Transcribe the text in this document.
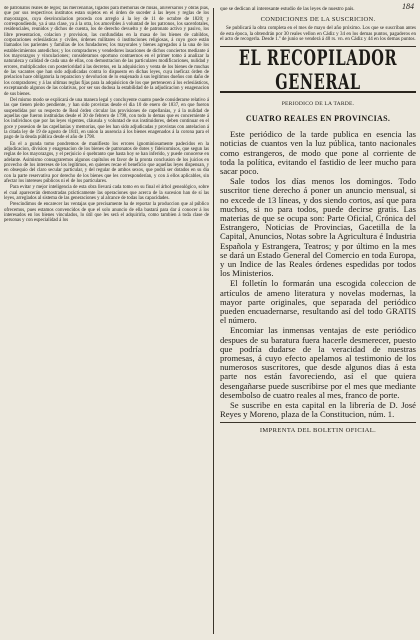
184

de patronatos reales de legos; las mercenarias, ligados para memorias de misas, aniversarios y obras pias, que por sus respectivos institutos estan sujetos en el órden de suceder á las leyes y reglas de los mayorazgos, cuya desvinculacion proceda con arreglo á la ley de 11 de octubre de 1820; y correspondiendo, ya á una clase, ya á la otra, los amovibles á voluntad de los patronos, los sacerdotales, residenciales, reunidos y dichos de cuenta, los de derecho devuelto y de patronato activo y pasivo, los libre presentacion, colacion y provision, las confundidas en la masa de los bienes de cabildos, corporaciones eclesiásticas y civiles, órdenes militares ó instituciones religiosas, á cuyo goce están llamados los parientes y familias de los fundadores; los mayorales y bienes agregados á la una de los establecimientos antedichos; y los compradores y vendedores lasaciones de dichos conciertos mediante á los mayorazgos y vinculaciones; consideramos oportuno contraernos en el primer tomo á analizar la naturaleza y calidad de cada una de ellas, con demostracion de las particulares modificaciones, nulidad y errores, multiplicados con posterioridad á las decretos, en la adquisicion y venta de los bienes de muchas de las vacantes que han sido adjudicadas contra lo dispuesto en dichas leyes, cuya ineficaz órden de prelacion hace obligatoria la reparacion y devolucion de lo enajenado á sus legítimos dueños con daño de los compradores; y á las ultimas reglas fijas para la adquisicion de los que pertenecen á los eclesiásticos, exceptuando algunos de las colativas, por ser sus dudosa la estabilidad de la adjudicacion y enagenacion de sus bienes.

Del mismo modo se explicará de una manera legal y concluyente cuanto puede considerarse relativo á las que tienen pleito pendiente, y han sido provistas desde el dia 10 de enero de 1837, en que fueron suspendidas por su respecto de Real órden circular las provisiones de capellanías, y á la nulidad de aquellas que fueron instituidas desde el 30 de febrero de 1798, con todo lo demas que es concerniente á los individuos que por las leyes vigentes, cláusula y voluntad de sus instituidores, deben continuar en el goce y posesion de las capellanías y memorias, que les han sido adjudicadas y provistas con antelacion á la citada ley de 19 de agosto de 1841, en union la ausencia á los bienes enagenados á la corona para el pago de la deuda pública desde el año de 1798.

En el a gunda tomo pondremos de manifiesto los errores ignominiosamente padecidos en la adjudicacion, division y enagenacion de los bienes de patronatos de dotes y fideicomisos, que segun las reglas de los mayorazgos, y el perjuicio ó quebranto que hasta hoy se han inferido, y puede conocerse en adelante. Asimismo consagraremos algunos capítulos en favor de la pronta conclusion de los juicios en provecho de los intereses de los legítimos, en quienes recae el beneficio que aquellas leyes dispensan, y en obsequio del claro secular particular, y del regular de ambos sexos, que podrá ser dotados en su dia con la parte reservativa por derecho de los bienes que les corresponderían, y con á ellos aplicables, sin afectar los intereses públicos ni el de los particulares.

Para evitar y mejor inteligencia de esta obra llevará cada tomo en su final el árbol genealógico, sobre el cual aparecerán demostradas prácticamente las operaciones que acerca de la sucesion han de sí las leyes, arreglados al sistema de las generaciones y al alcance de todas las capacidades.

Prescindimos de encarecer las ventajas que precisamente ha de reportar la produccion que al público ofrecemos, pues estamos convencidos de que el solo anuncio de ella bastará para dar á conocer á los interesados en los bienes vinculados, lo útil que les será el adquirirla, como tambien á toda clase de personas y con especialidad á los

que se dedican al interesante estudio de las leyes de nuestro país.

CONDICIONES DE LA SUSCRICION.

Se publicará la obra completa en el mes de mayo del año próximo. Los que se suscriban antes de esta época, la obtendrán por 30 reales vellon en Cádiz y 34 en los demas puntos, pagaderos en el acto de recogerla. Desde 1.º de junio se venderá á 40 rs. vn. en Cádiz y 44 en los demas puntos.

EL RECOPILADOR GENERAL
PERIODICO DE LA TARDE.
CUATRO REALES EN PROVINCIAS.

Este periódico de la tarde publica en esencia las noticias de cuantos ven la luz pública, tanto nacionales como estrangeros, de modo que pone al corriente de toda la política, evitando el fastidio de leer mucho para sacar poco.

Sale todos los días menos los domingos. Todo suscritor tiene derecho á poner un anuncio mensual, si no excede de 13 líneas, y dos siendo cortos, así que para muchos, si no para todos, puede decirse gratis. Las materias de que se ocupa son: Parte Oficial, Crónica del Estrangero, Noticias de Provincias, Gacetilla de la Capital, Anuncios, Notas sobre la Agricultura é Industria Española y Estrangera, Teatros; y por último en la mes se dará un Estado General del Comercio en toda Europa, y un Indice de las Reales órdenes espedidas por todos los Ministerios.

El folletín lo formarán una escogida coleccion de artículos de ameno literatura y novelas modernas, la mayor parte originales, que separada del periódico pueden encuadernarse, resultando así del todo GRATIS el número.

Encomiar las inmensas ventajas de este periódico despues de su baratura fuera hacerle desmerecer, puesto que podría dudarse de la veracidad de nuestras promesas, á cuyo efecto apelamos al testimonio de los numerosos suscritores, que desde algunos dias á esta parte nos están favoreciendo, así el que quiera desengañarse puede suscribirse por el mes que mediante desembolso de cuatro reales al mes, franco de porte.

Se suscribe en esta capital en la librería de D. José Reyes y Moreno, plaza de la Constitucion, núm. 1.

IMPRENTA DEL BOLETIN OFICIAL.
